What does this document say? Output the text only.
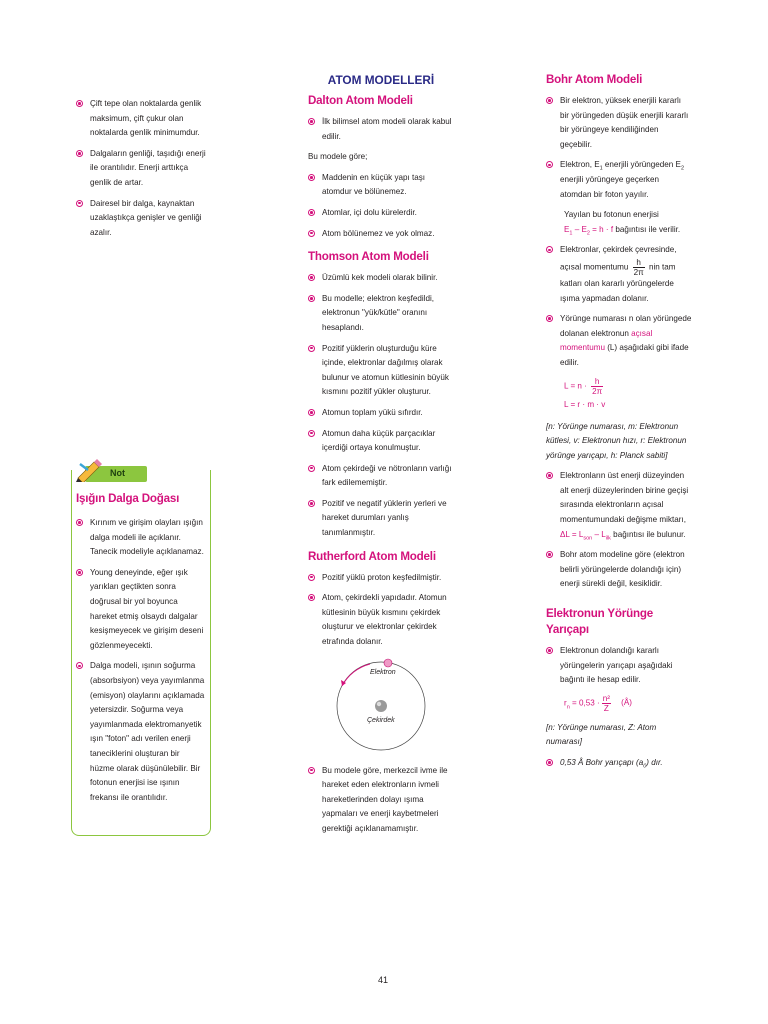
Çift tepe olan noktalarda genlik maksimum, çift çukur olan noktalarda genlik minimumdur.
Dalgaların genliği, taşıdığı enerji ile orantılıdır. Enerji arttıkça genlik de artar.
Dairesel bir dalga, kaynaktan uzaklaştıkça genişler ve genliği azalır.
Not
Işığın Dalga Doğası
Kırınım ve girişim olayları ışığın dalga modeli ile açıklanır. Tanecik modeliyle açıklanamaz.
Young deneyinde, eğer ışık yarıkları geçtikten sonra doğrusal bir yol boyunca hareket etmiş olsaydı dalgalar kesişmeyecek ve girişim deseni gözlenmeyecekti.
Dalga modeli, ışının soğurma (absorbsiyon) veya yayımlanma (emisyon) olaylarını açıklamada yetersizdir. Soğurma veya yayımlanmada elektromanyetik ışın "foton" adı verilen enerji taneciklerini oluşturan bir hüzme olarak düşünülebilir. Bir fotonun enerjisi ise ışının frekansı ile orantılıdır.
ATOM MODELLERİ
Dalton Atom Modeli
İlk bilimsel atom modeli olarak kabul edilir.
Bu modele göre;
Maddenin en küçük yapı taşı atomdur ve bölünemez.
Atomlar, içi dolu kürelerdir.
Atom bölünemez ve yok olmaz.
Thomson Atom Modeli
Üzümlü kek modeli olarak bilinir.
Bu modelle; elektron keşfedildi, elektronun "yük/kütle" oranını hesaplandı.
Pozitif yüklerin oluşturduğu küre içinde, elektronlar dağılmış olarak bulunur ve atomun kütlesinin büyük kısmını pozitif yükler oluşturur.
Atomun toplam yükü sıfırdır.
Atomun daha küçük parçacıklar içerdiği ortaya konulmuştur.
Atom çekirdeği ve nötronların varlığı fark edilememiştir.
Pozitif ve negatif yüklerin yerleri ve hareket durumları yanlış tanımlanmıştır.
Rutherford Atom Modeli
Pozitif yüklü proton keşfedilmiştir.
Atom, çekirdekli yapıdadır. Atomun kütlesinin büyük kısmını çekirdek oluşturur ve elektronlar çekirdek etrafında dolanır.
Elektron
Çekirdek
Bu modele göre, merkezcil ivme ile hareket eden elektronların ivmeli hareketlerinden dolayı ışıma yapmaları ve enerji kaybetmeleri gerektiği açıklanamamıştır.
Bohr Atom Modeli
Bir elektron, yüksek enerjili kararlı bir yörüngeden düşük enerjili kararlı bir yörüngeye kendiliğinden geçebilir.
Elektron, $E_1$ enerjili yörüngeden $E_2$ enerjili yörüngeye geçerken atomdan bir foton yayılır.
Yayılan bu fotonun enerjisi
$E_1 - E_2 = h \cdot f$ bağıntısı ile verilir.
Elektronlar, çekirdek çevresinde, açısal momentumu $\frac{h}{2\pi}$ nin tam katları olan kararlı yörüngelerde ışıma yapmadan dolanır.
Yörünge numarası n olan yörüngede dolanan elektronun açısal momentumu (L) aşağıdaki gibi ifade edilir.
$L = n \cdot \frac{h}{2\pi}$
L = r · m · v
[n: Yörünge numarası, m: Elektronun kütlesi, v: Elektronun hızı, r: Elektronun yörünge yarıçapı, h: Planck sabiti]
Elektronların üst enerji düzeyinden alt enerji düzeylerinden birine geçişi sırasında elektronların açısal momentumundaki değişme miktarı, $\Delta L = L_{son} - L_{ilk}$ bağıntısı ile bulunur.
Bohr atom modeline göre (elektron belirli yörüngelerde dolandığı için) enerji sürekli değil, kesiklidir.
Elektronun Yörünge
Yarıçapı
Elektronun dolandığı kararlı yörüngelerin yarıçapı aşağıdaki bağıntı ile hesap edilir.
$r_n = 0,53 \cdot \frac{\text{n²}}{Z}$ (Å)
[n: Yörünge numarası, Z: Atom numarası]
0,53 Å Bohr yarıçapı $(a_0)$ dır.
41
